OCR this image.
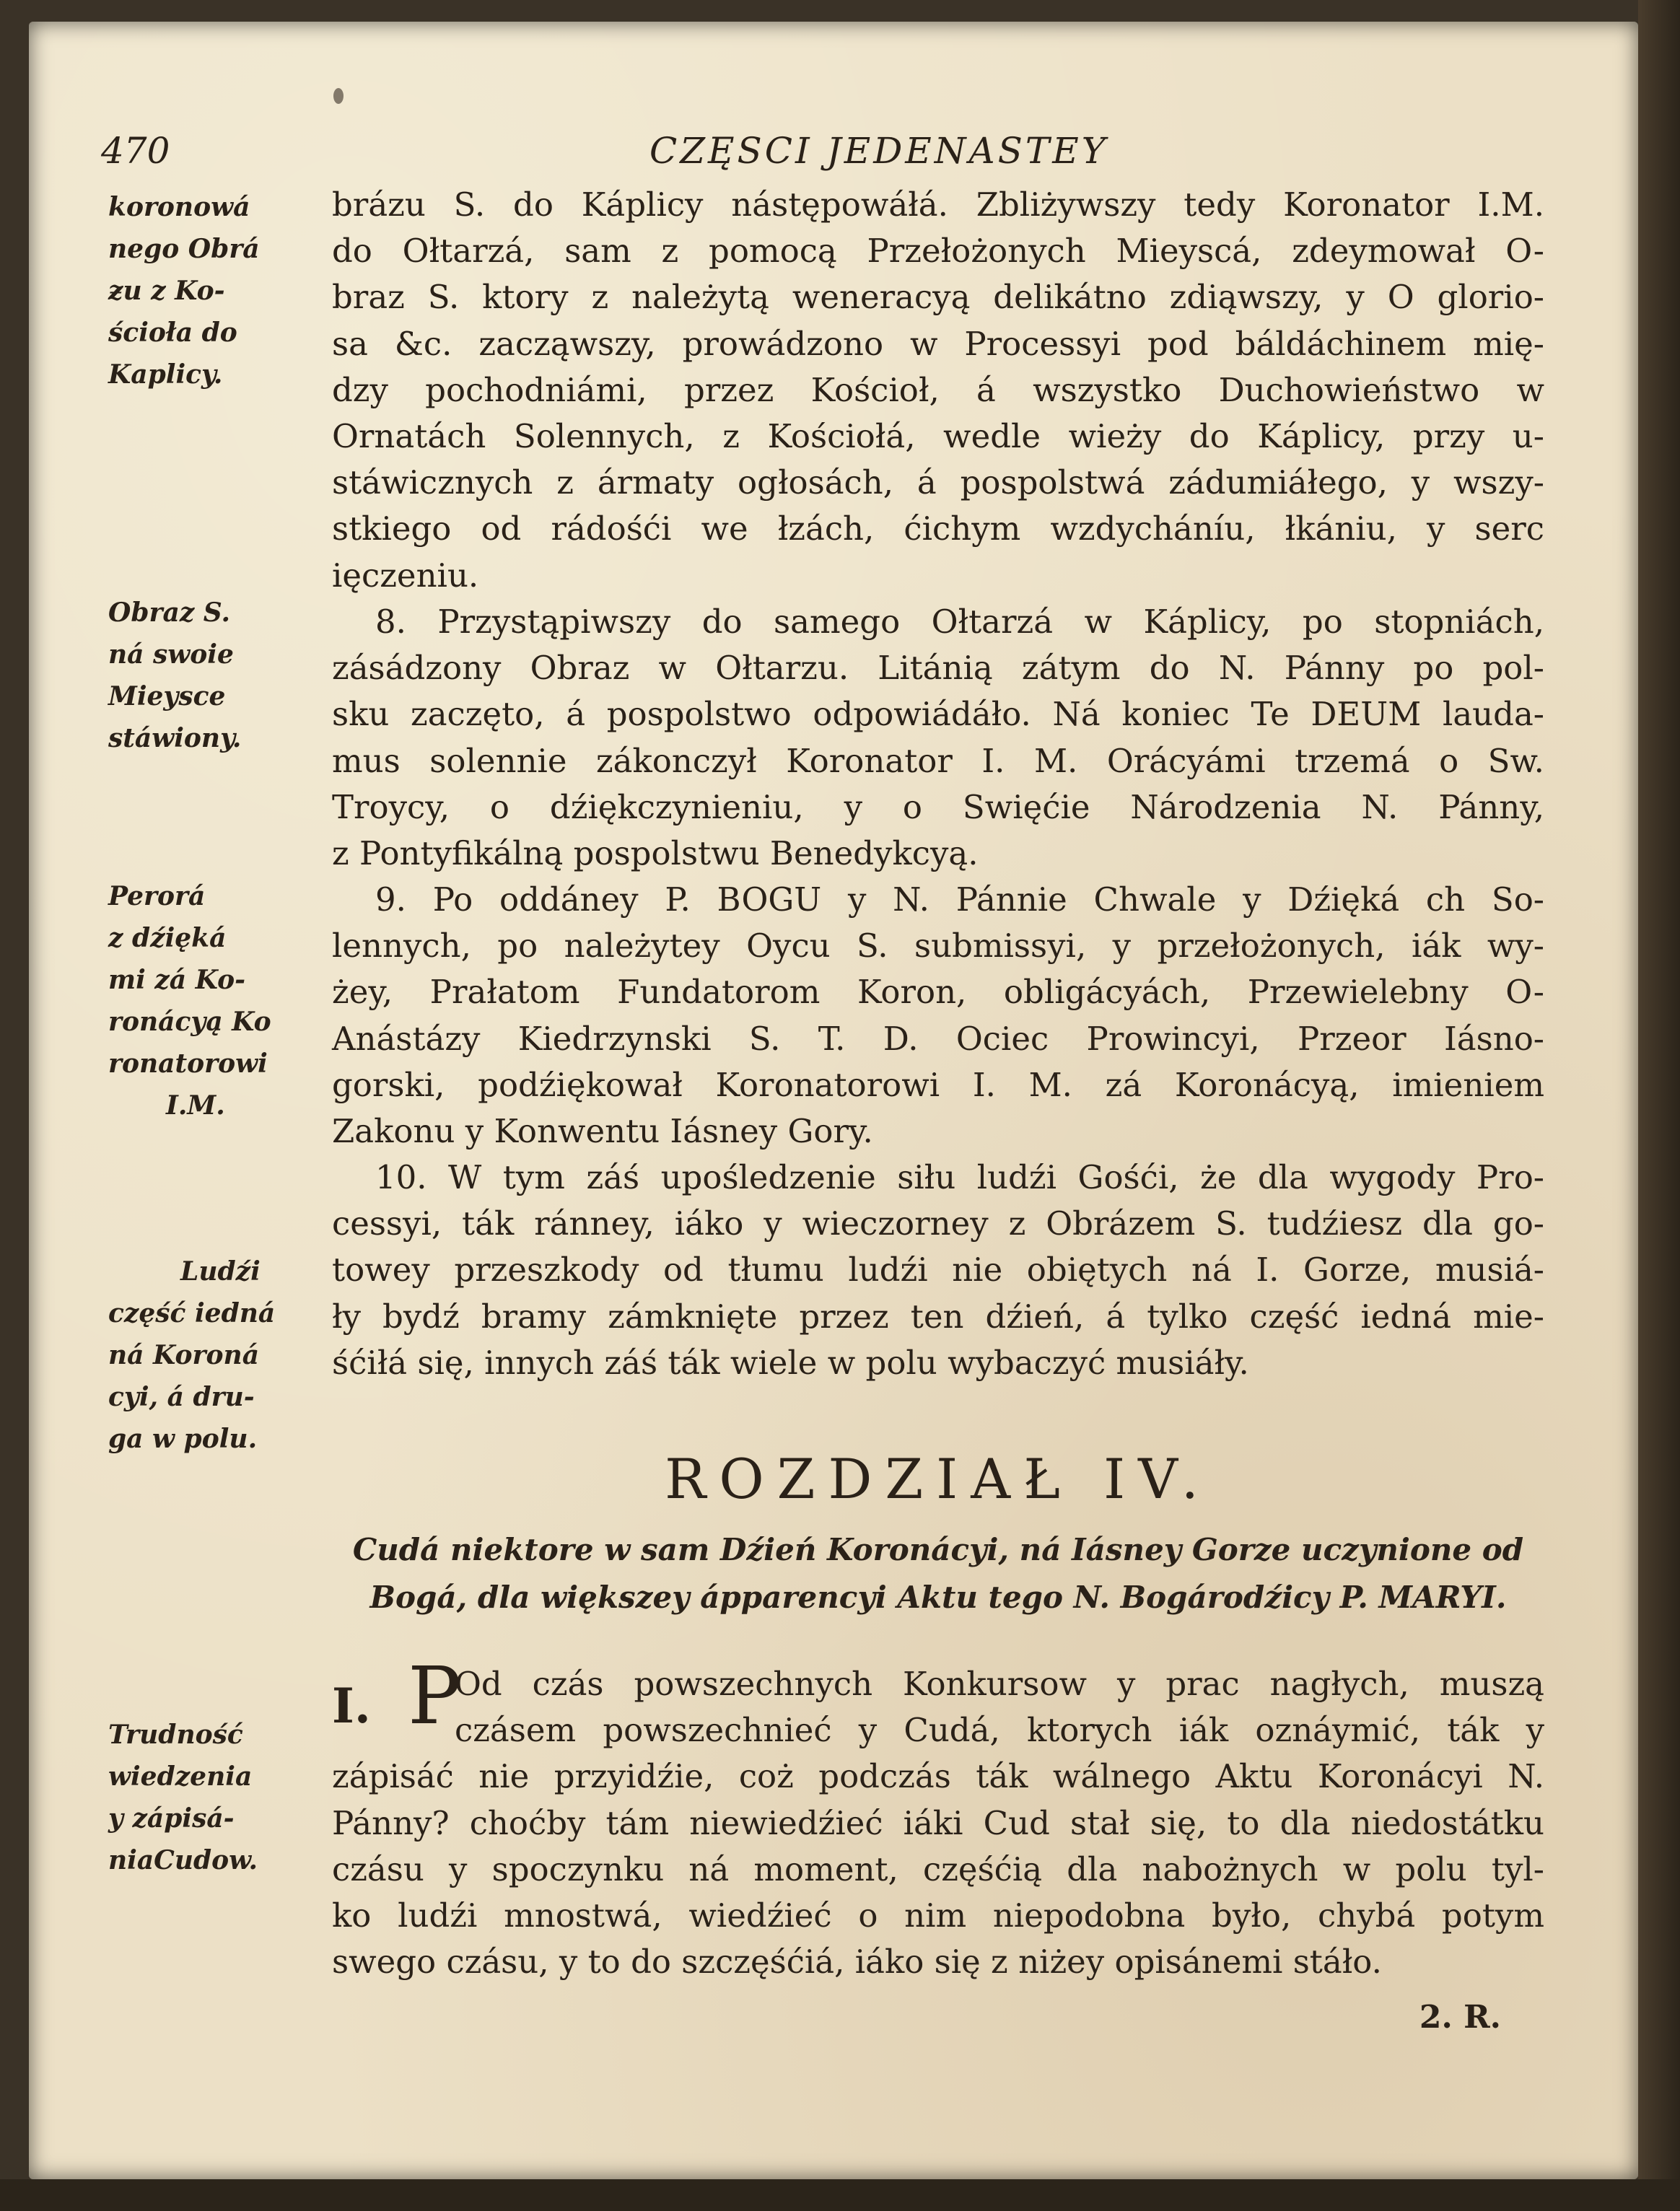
470	CZĘSCI JEDENASTEY
koronowá
nego Obrá
ƶu z Ko-
ścioła do
Kaplicy.
Obraz S.
ná swoie
Mieysce
stáwiony.
Perorá
z dźięká
mi zá Ko-
ronácyą Ko
ronatorowi
I.M.
Ludźi
część iedná
ná Koroná
cyi, á dru-
ga w polu.
Trudność
wiedzenia
y zápisá-
niaCudow.
brázu S. do Káplicy nástępowáłá. Zbliżywszy tedy Koronator I.M.
do Ołtarzá, sam z pomocą Przełożonych Mieyscá, zdeymował O-
braz S. ktory z należytą weneracyą delikátno zdiąwszy, y O glorio-
sa &c. zacząwszy, prowádzono w Processyi pod báldáchinem mię-
dzy pochodniámi, przez Kościoł, á wszystko Duchowieństwo w
Ornatách Solennych, z Kościołá, wedle wieży do Káplicy, przy u-
stáwicznych z ármaty ogłosách, á pospolstwá zádumiáłego, y wszy-
stkiego od rádośći we łzách, ćichym wzdycháníu, łkániu, y serc
ięczeniu.
8. Przystąpiwszy do samego Ołtarzá w Káplicy, po stopniách,
zásádzony Obraz w Ołtarzu. Litánią zátym do N. Pánny po pol-
sku zaczęto, á pospolstwo odpowiádáło. Ná koniec Te DEUM lauda-
mus solennie zákonczył Koronator I. M. Orácyámi trzemá o Sw.
Troycy, o dźiękczynieniu, y o Swięćie Národzenia N. Pánny,
z Pontyfikálną pospolstwu Benedykcyą.
9. Po oddáney P. BOGU y N. Pánnie Chwale y Dźięká ch So-
lennych, po należytey Oycu S. submissyi, y przełożonych, iák wy-
żey, Prałatom Fundatorom Koron, obligácyách, Przewielebny O-
Anástázy Kiedrzynski S. T. D. Ociec Prowincyi, Przeor Iásno-
gorski, podźiękował Koronatorowi I. M. zá Koronácyą, imieniem
Zakonu y Konwentu Iásney Gory.
10. W tym záś upośledzenie siłu ludźi Gośći, że dla wygody Pro-
cessyi, ták ránney, iáko y wieczorney z Obrázem S. tudźiesz dla go-
towey przeszkody od tłumu ludźi nie obiętych ná I. Gorze, musiá-
ły bydź bramy zámknięte przez ten dźień, á tylko część iedná mie-
śćiłá się, innych záś ták wiele w polu wybaczyć musiáły.
ROZDZIAŁ IV.
Cudá niektore w sam Dźień Koronácyi, ná Iásney Gorze uczynione od
Bogá, dla większey ápparencyi Aktu tego N. Bogárodźicy P. MARYI.
I. P
Od czás powszechnych Konkursow y prac nagłych, muszą
czásem powszechnieć y Cudá, ktorych iák oznáymić, ták y
zápisáć nie przyidźie, coż podczás ták wálnego Aktu Koronácyi N.
Pánny? choćby tám niewiedźieć iáki Cud stał się, to dla niedostátku
czásu y spoczynku ná moment, częśćią dla nabożnych w polu tyl-
ko ludźi mnostwá, wiedźieć o nim niepodobna było, chybá potym
swego czásu, y to do szczęśćiá, iáko się z niżey opisánemi stáło.
2. R.
